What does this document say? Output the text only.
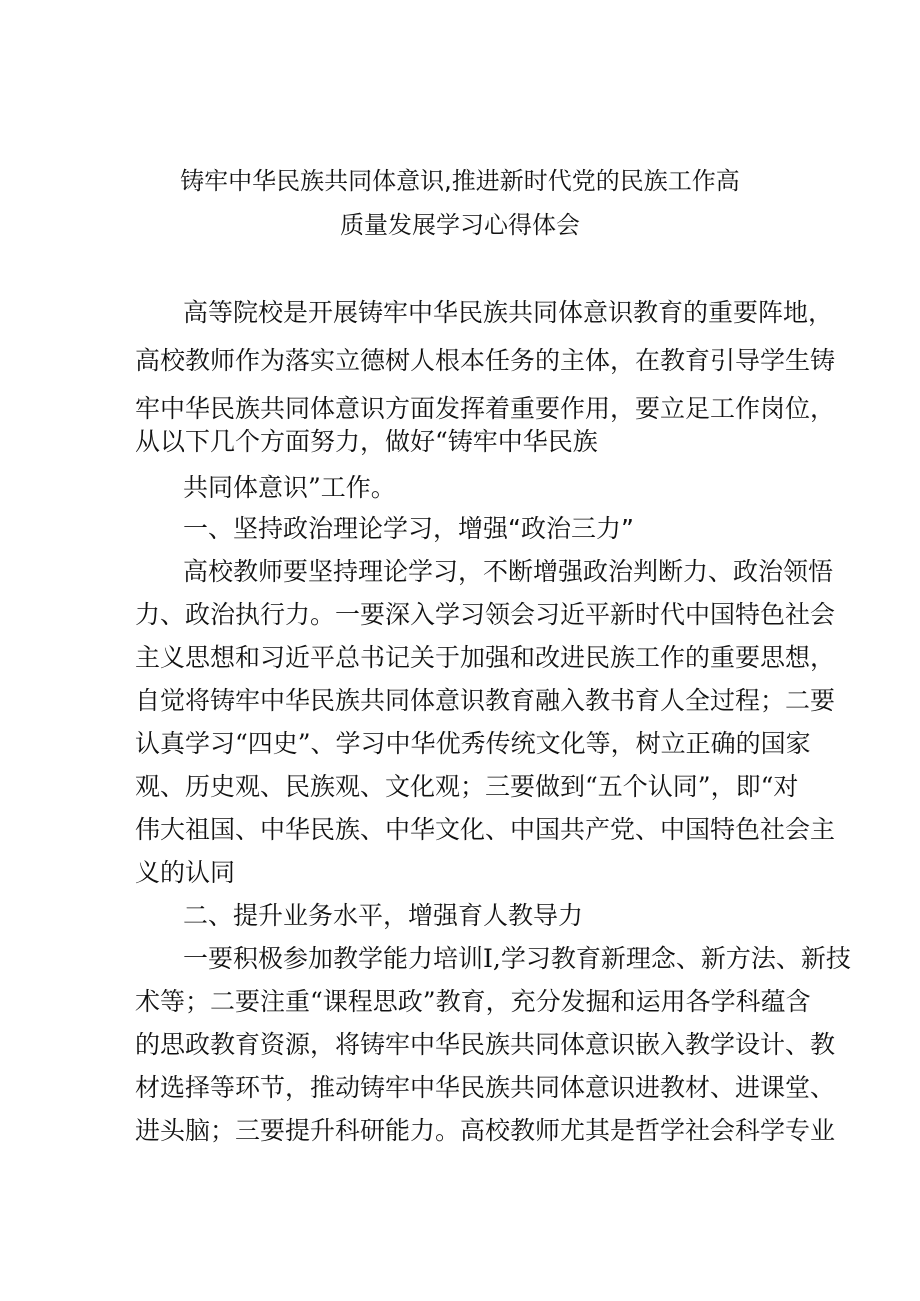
铸牢中华民族共同体意识,推进新时代党的民族工作高
质量发展学习心得体会
高等院校是开展铸牢中华民族共同体意识教育的重要阵地，
高校教师作为落实立德树人根本任务的主体，在教育引导学生铸
牢中华民族共同体意识方面发挥着重要作用，要立足工作岗位，
从以下几个方面努力，做好“铸牢中华民族
共同体意识”工作。
一、坚持政治理论学习，增强“政治三力”
高校教师要坚持理论学习，不断增强政治判断力、政治领悟
力、政治执行力。一要深入学习领会习近平新时代中国特色社会
主义思想和习近平总书记关于加强和改进民族工作的重要思想，
自觉将铸牢中华民族共同体意识教育融入教书育人全过程；二要
认真学习“四史”、学习中华优秀传统文化等，树立正确的国家
观、历史观、民族观、文化观；三要做到“五个认同”，即“对
伟大祖国、中华民族、中华文化、中国共产党、中国特色社会主
义的认同
二、提升业务水平，增强育人教导力
一要积极参加教学能力培训I,学习教育新理念、新方法、新技
术等；二要注重“课程思政”教育，充分发掘和运用各学科蕴含
的思政教育资源，将铸牢中华民族共同体意识嵌入教学设计、教
材选择等环节，推动铸牢中华民族共同体意识进教材、进课堂、
进头脑；三要提升科研能力。高校教师尤其是哲学社会科学专业
